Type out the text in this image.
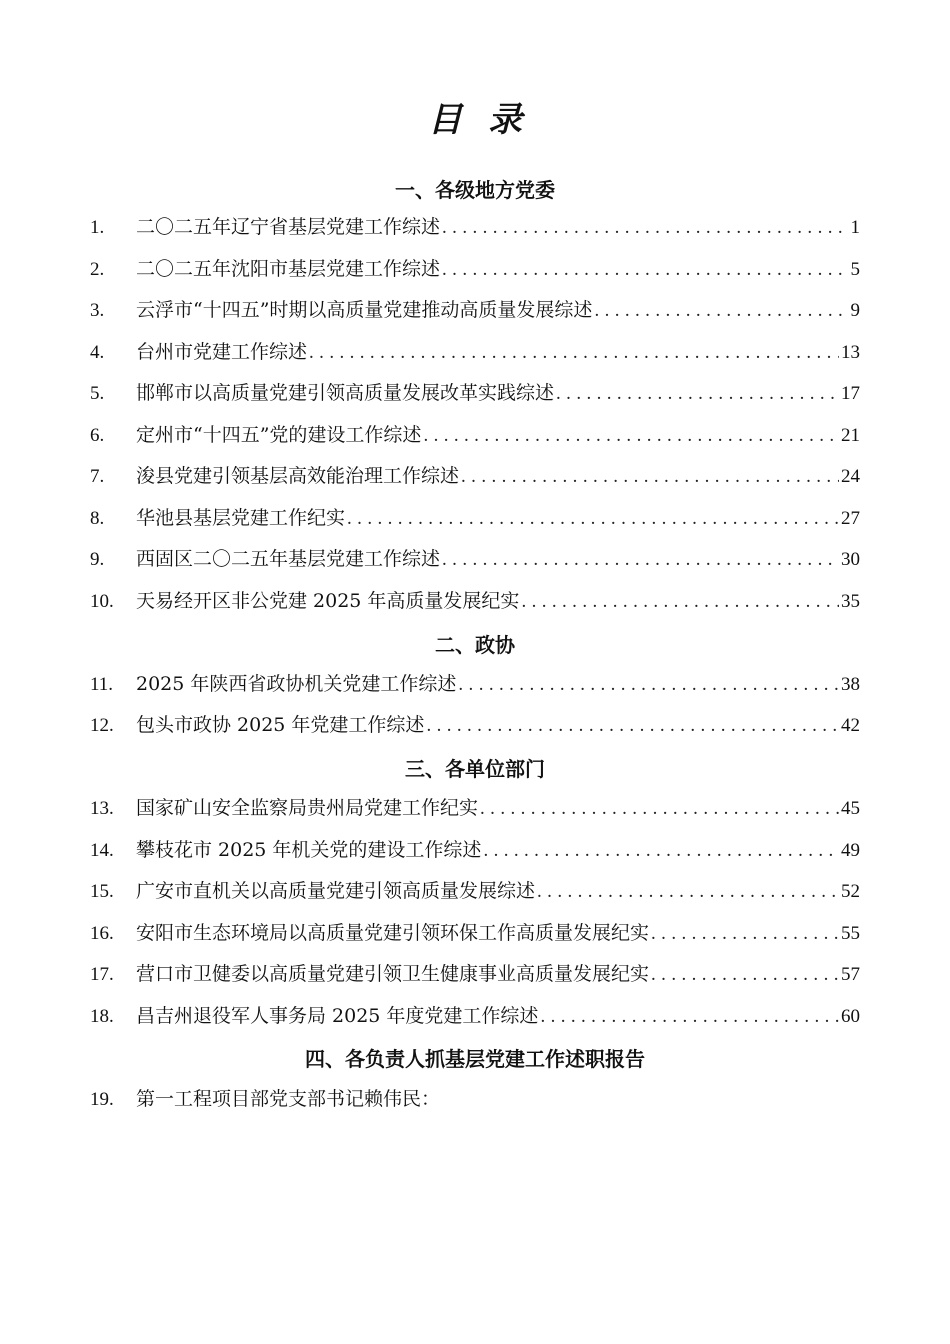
目录
一、各级地方党委
1.	二〇二五年辽宁省基层党建工作综述 .....	1
2.	二〇二五年沈阳市基层党建工作综述 .....	5
3.	云浮市“十四五”时期以高质量党建推动高质量发展综述 .....	9
4.	台州市党建工作综述 .....	13
5.	邯郸市以高质量党建引领高质量发展改革实践综述 .....	17
6.	定州市“十四五”党的建设工作综述 .....	21
7.	浚县党建引领基层高效能治理工作综述 .....	24
8.	华池县基层党建工作纪实 .....	27
9.	西固区二〇二五年基层党建工作综述 .....	30
10.	天易经开区非公党建 2025 年高质量发展纪实 .....	35
二、政协
11.	2025 年陕西省政协机关党建工作综述 .....	38
12.	包头市政协 2025 年党建工作综述 .....	42
三、各单位部门
13.	国家矿山安全监察局贵州局党建工作纪实 .....	45
14.	攀枝花市 2025 年机关党的建设工作综述 .....	49
15.	广安市直机关以高质量党建引领高质量发展综述 .....	52
16.	安阳市生态环境局以高质量党建引领环保工作高质量发展纪实 .....	55
17.	营口市卫健委以高质量党建引领卫生健康事业高质量发展纪实 .....	57
18.	昌吉州退役军人事务局 2025 年度党建工作综述 .....	60
四、各负责人抓基层党建工作述职报告
19.	第一工程项目部党支部书记赖伟民：
